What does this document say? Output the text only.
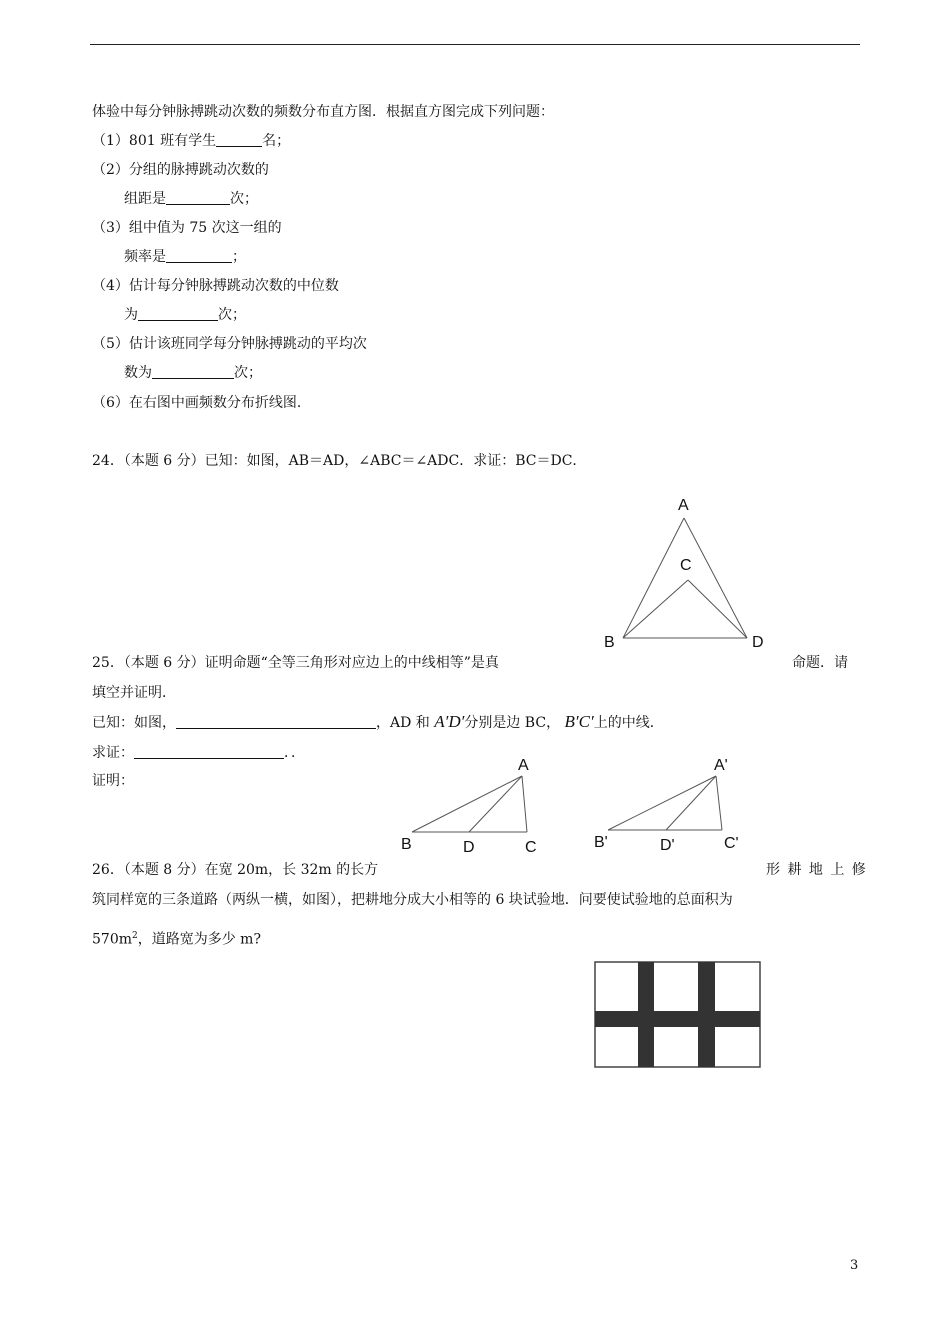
体验中每分钟脉搏跳动次数的频数分布直方图．根据直方图完成下列问题：
（1）801 班有学生	名；
（2）分组的脉搏跳动次数的
组距是	次；
（3）组中值为 75 次这一组的
频率是	；
（4）估计每分钟脉搏跳动次数的中位数
为	次；
（5）估计该班同学每分钟脉搏跳动的平均次
数为	次；
（6）在右图中画频数分布折线图．
24．（本题 6 分）已知：如图，AB＝AD，∠ABC＝∠ADC．求证：BC＝DC．
A
C
B	D
25．（本题 6 分）证明命题“全等三角形对应边上的中线相等”是真	命题．请
填空并证明．
已知：如图，	，AD 和 A′D′分别是边 BC， B′C′上的中线．
求证：	．．
证明：
A
B	D	C
A'
B'	D'	C'
26．（本题 8 分）在宽 20m，长 32m 的长方	形 耕 地 上 修
筑同样宽的三条道路（两纵一横，如图），把耕地分成大小相等的 6 块试验地．问要使试验地的总面积为
$570m^2$，道路宽为多少 m?
3
